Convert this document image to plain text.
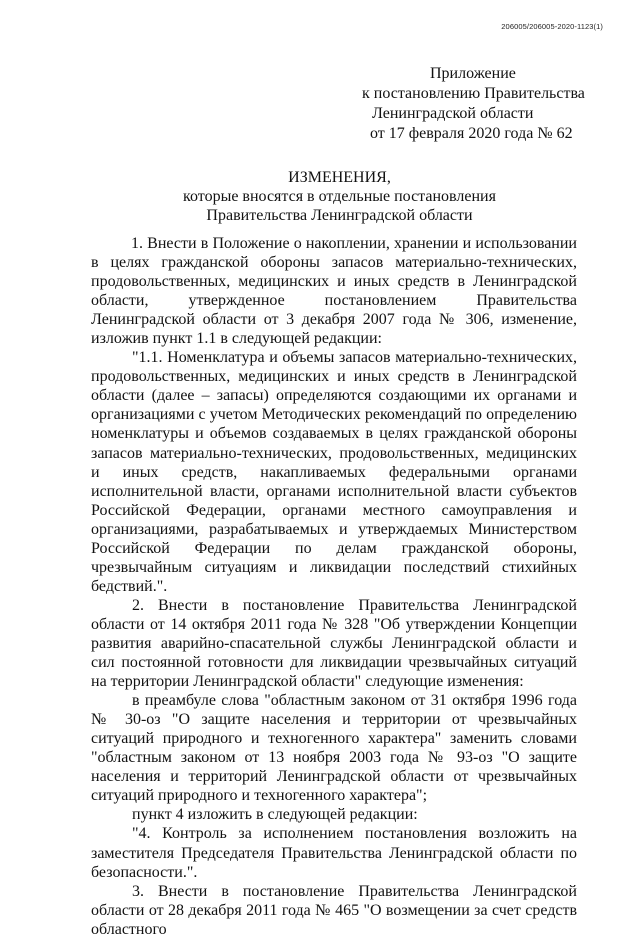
206005/206005-2020-1123(1)
Приложение
к постановлению Правительства
Ленинградской области
от 17 февраля 2020 года № 62
ИЗМЕНЕНИЯ,
которые вносятся в отдельные постановления
Правительства Ленинградской области

1. Внести в Положение о накоплении, хранении и использовании в целях гражданской обороны запасов материально-технических, продовольственных, медицинских и иных средств в Ленинградской области, утвержденное постановлением Правительства Ленинградской области от 3 декабря 2007 года № 306, изменение, изложив пункт 1.1 в следующей редакции:

"1.1. Номенклатура и объемы запасов материально-технических, продовольственных, медицинских и иных средств в Ленинградской области (далее – запасы) определяются создающими их органами и организациями с учетом Методических рекомендаций по определению номенклатуры и объемов создаваемых в целях гражданской обороны запасов материально-технических, продовольственных, медицинских и иных средств, накапливаемых федеральными органами исполнительной власти, органами исполнительной власти субъектов Российской Федерации, органами местного самоуправления и организациями, разрабатываемых и утверждаемых Министерством Российской Федерации по делам гражданской обороны, чрезвычайным ситуациям и ликвидации последствий стихийных бедствий.".

2. Внести в постановление Правительства Ленинградской области от 14 октября 2011 года № 328 "Об утверждении Концепции развития аварийно-спасательной службы Ленинградской области и сил постоянной готовности для ликвидации чрезвычайных ситуаций на территории Ленинградской области" следующие изменения:

в преамбуле слова "областным законом от 31 октября 1996 года № 30-оз "О защите населения и территории от чрезвычайных ситуаций природного и техногенного характера" заменить словами "областным законом от 13 ноября 2003 года № 93-оз "О защите населения и территорий Ленинградской области от чрезвычайных ситуаций природного и техногенного характера";

пункт 4 изложить в следующей редакции:

"4. Контроль за исполнением постановления возложить на заместителя Председателя Правительства Ленинградской области по безопасности.".

3. Внести в постановление Правительства Ленинградской области от 28 декабря 2011 года № 465 "О возмещении за счет средств областного
